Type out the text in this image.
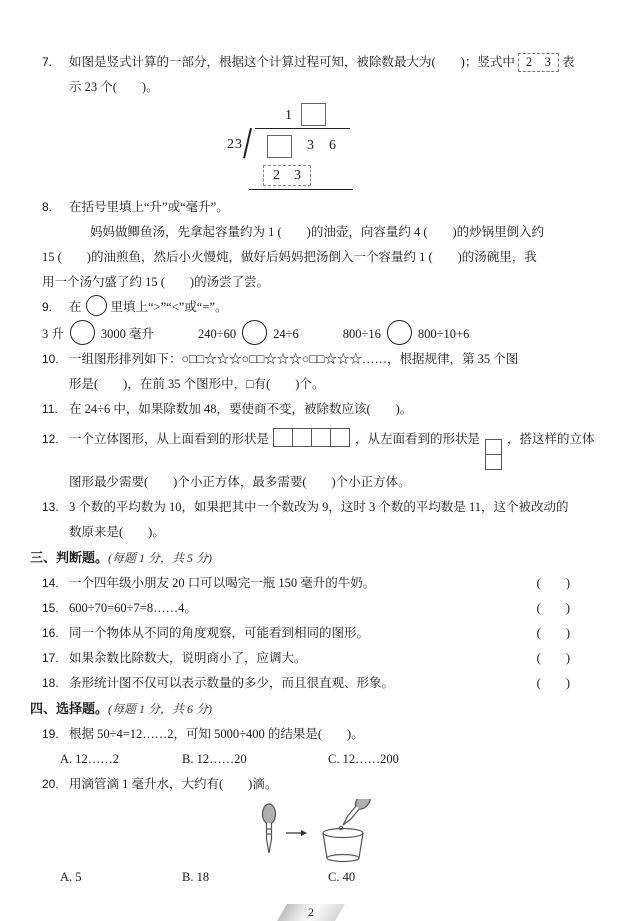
7.	如图是竖式计算的一部分，根据这个计算过程可知，被除数最大为(　　)；竖式中 2　3 表
示 23 个(　　)。
1
23	3 6
2　3
8.	在括号里填上“升”或“毫升”。
妈妈做鲫鱼汤，先拿起容量约为 1 (　　)的油壶，向容量约 4 (　　)的炒锅里倒入约
15 (　　)的油煎鱼，然后小火慢炖，做好后妈妈把汤倒入一个容量约 1 (　　)的汤碗里，我
用一个汤勺盛了约 15 (　　)的汤尝了尝。
9.	在 里填上“>”“<”或“=”。
3 升	3000 毫升	240÷60	24÷6	800÷16	800÷10+6
10. 一组图形排列如下：○□□☆☆☆○□□☆☆☆○□□☆☆☆……，根据规律，第 35 个图
形是(　　)，在前 35 个图形中，□有(　　)个。
11. 在 24÷6 中，如果除数加 48，要使商不变，被除数应该(　　)。
12. 一个立体图形，从上面看到的形状是	，从左面看到的形状是 ，搭这样的立体
图形最少需要(　　)个小正方体，最多需要(　　)个小正方体。
13. 3 个数的平均数为 10，如果把其中一个数改为 9，这时 3 个数的平均数是 11，这个被改动的
数原来是(　　)。
三、判断题。(每题 1 分，共 5 分)
14. 一个四年级小朋友 20 口可以喝完一瓶 150 毫升的牛奶。	(　　)
15. 600÷70=60÷7=8……4。	(　　)
16. 同一个物体从不同的角度观察，可能看到相同的图形。	(　　)
17. 如果余数比除数大，说明商小了，应调大。	(　　)
18. 条形统计图不仅可以表示数量的多少，而且很直观、形象。	(　　)
四、选择题。(每题 1 分，共 6 分)
19. 根据 50÷4=12……2，可知 5000÷400 的结果是(　　)。
A. 12……2	B. 12……20	C. 12……200
20. 用滴管滴 1 毫升水，大约有(　　)滴。
A. 5	B. 18	C. 40
2
